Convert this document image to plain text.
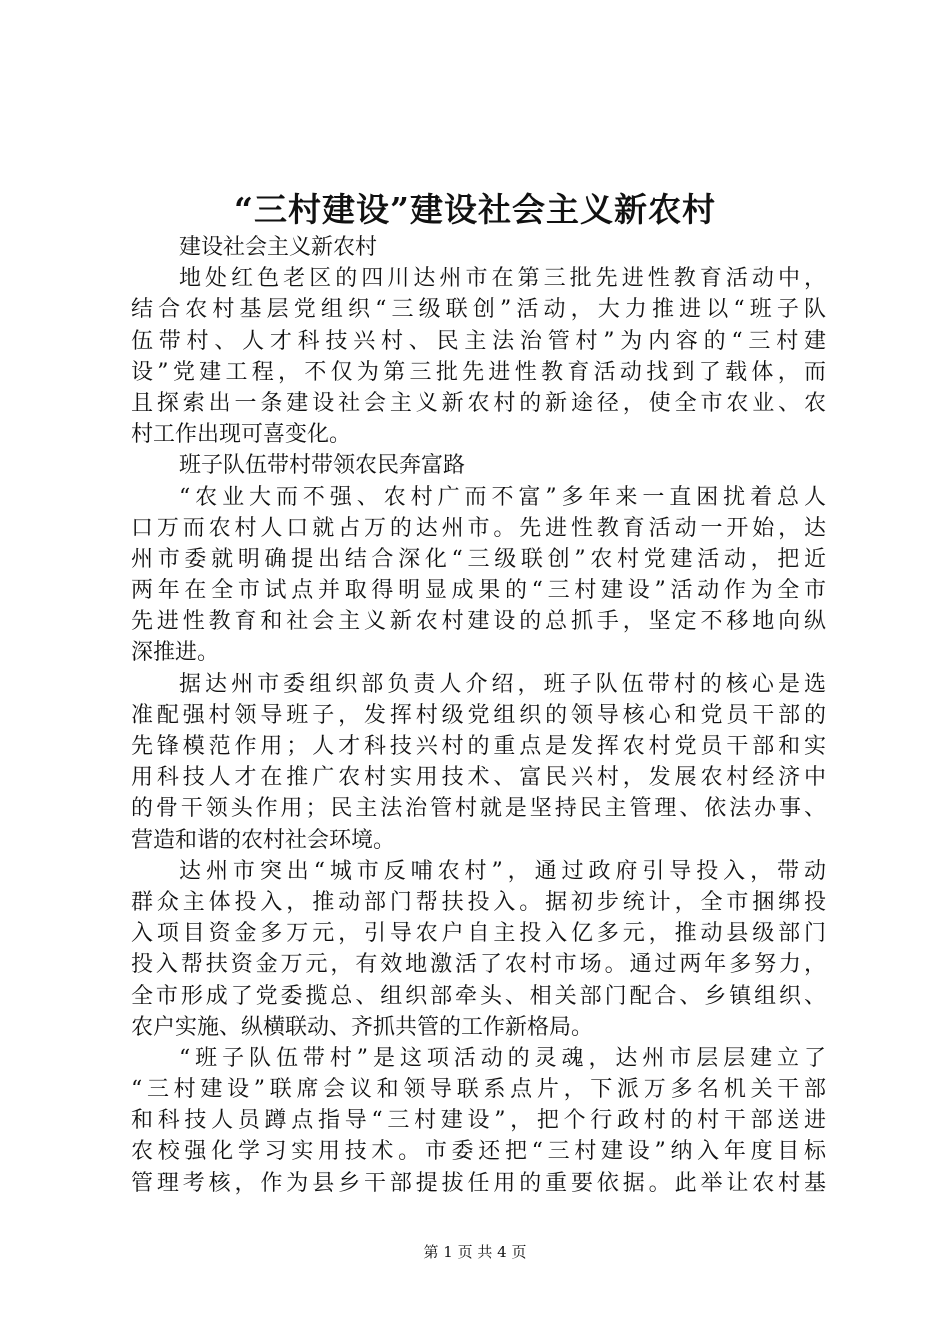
“三村建设”建设社会主义新农村
建设社会主义新农村
地处红色老区的四川达州市在第三批先进性教育活动中，
结合农村基层党组织“三级联创”活动，大力推进以“班子队
伍带村、人才科技兴村、民主法治管村”为内容的“三村建
设”党建工程，不仅为第三批先进性教育活动找到了载体，而
且探索出一条建设社会主义新农村的新途径，使全市农业、农
村工作出现可喜变化。
班子队伍带村带领农民奔富路
“农业大而不强、农村广而不富”多年来一直困扰着总人
口万而农村人口就占万的达州市。先进性教育活动一开始，达
州市委就明确提出结合深化“三级联创”农村党建活动，把近
两年在全市试点并取得明显成果的“三村建设”活动作为全市
先进性教育和社会主义新农村建设的总抓手，坚定不移地向纵
深推进。
据达州市委组织部负责人介绍，班子队伍带村的核心是选
准配强村领导班子，发挥村级党组织的领导核心和党员干部的
先锋模范作用；人才科技兴村的重点是发挥农村党员干部和实
用科技人才在推广农村实用技术、富民兴村，发展农村经济中
的骨干领头作用；民主法治管村就是坚持民主管理、依法办事、
营造和谐的农村社会环境。
达州市突出“城市反哺农村”，通过政府引导投入，带动
群众主体投入，推动部门帮扶投入。据初步统计，全市捆绑投
入项目资金多万元，引导农户自主投入亿多元，推动县级部门
投入帮扶资金万元，有效地激活了农村市场。通过两年多努力，
全市形成了党委揽总、组织部牵头、相关部门配合、乡镇组织、
农户实施、纵横联动、齐抓共管的工作新格局。
“班子队伍带村”是这项活动的灵魂，达州市层层建立了
“三村建设”联席会议和领导联系点片，下派万多名机关干部
和科技人员蹲点指导“三村建设”，把个行政村的村干部送进
农校强化学习实用技术。市委还把“三村建设”纳入年度目标
管理考核，作为县乡干部提拔任用的重要依据。此举让农村基
第 1 页 共 4 页
